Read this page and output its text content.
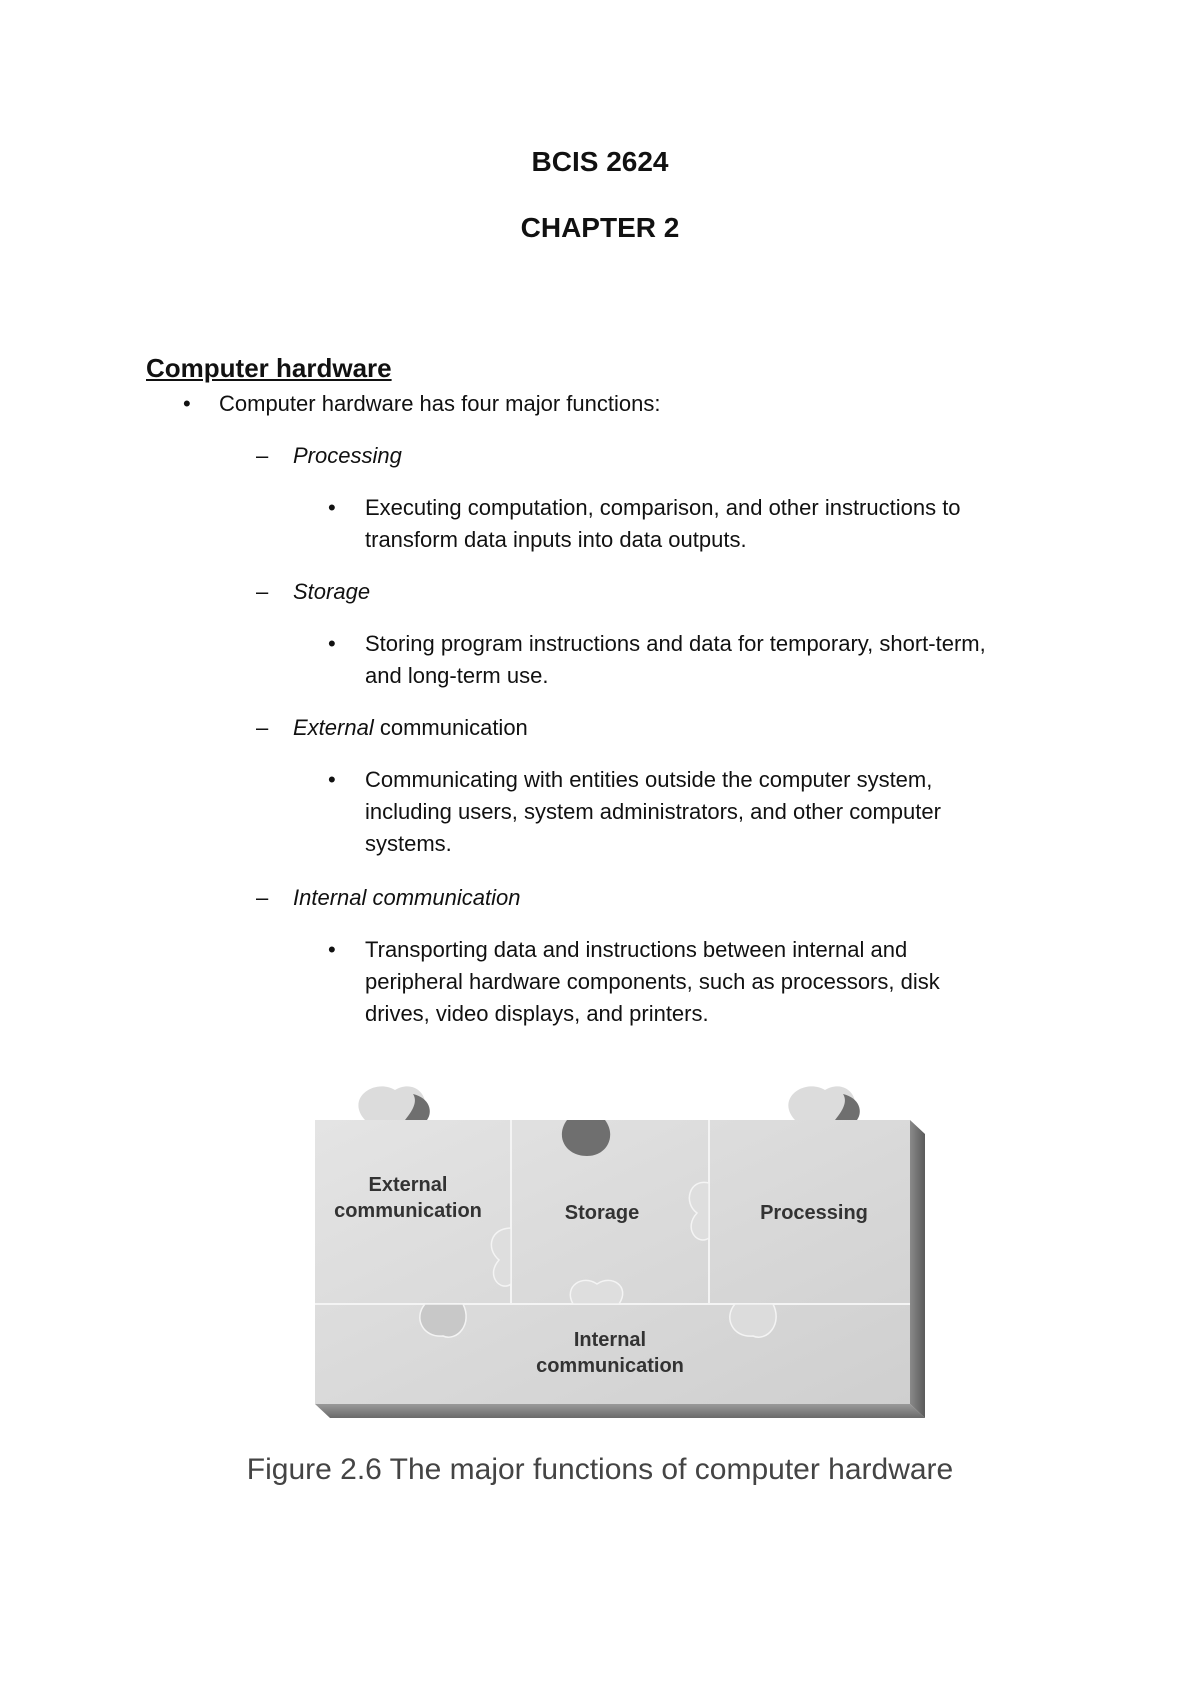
BCIS 2624
CHAPTER 2
Computer hardware
• Computer hardware has four major functions:
– Processing
• Executing computation, comparison, and other instructions to
transform data inputs into data outputs.
– Storage
• Storing program instructions and data for temporary, short-term,
and long-term use.
– External communication
• Communicating with entities outside the computer system,
including users, system administrators, and other computer
systems.
– Internal communication
• Transporting data and instructions between internal and
peripheral hardware components, such as processors, disk
drives, video displays, and printers.
External
communication	Storage	Processing
Internal
communication
Figure 2.6 The major functions of computer hardware
